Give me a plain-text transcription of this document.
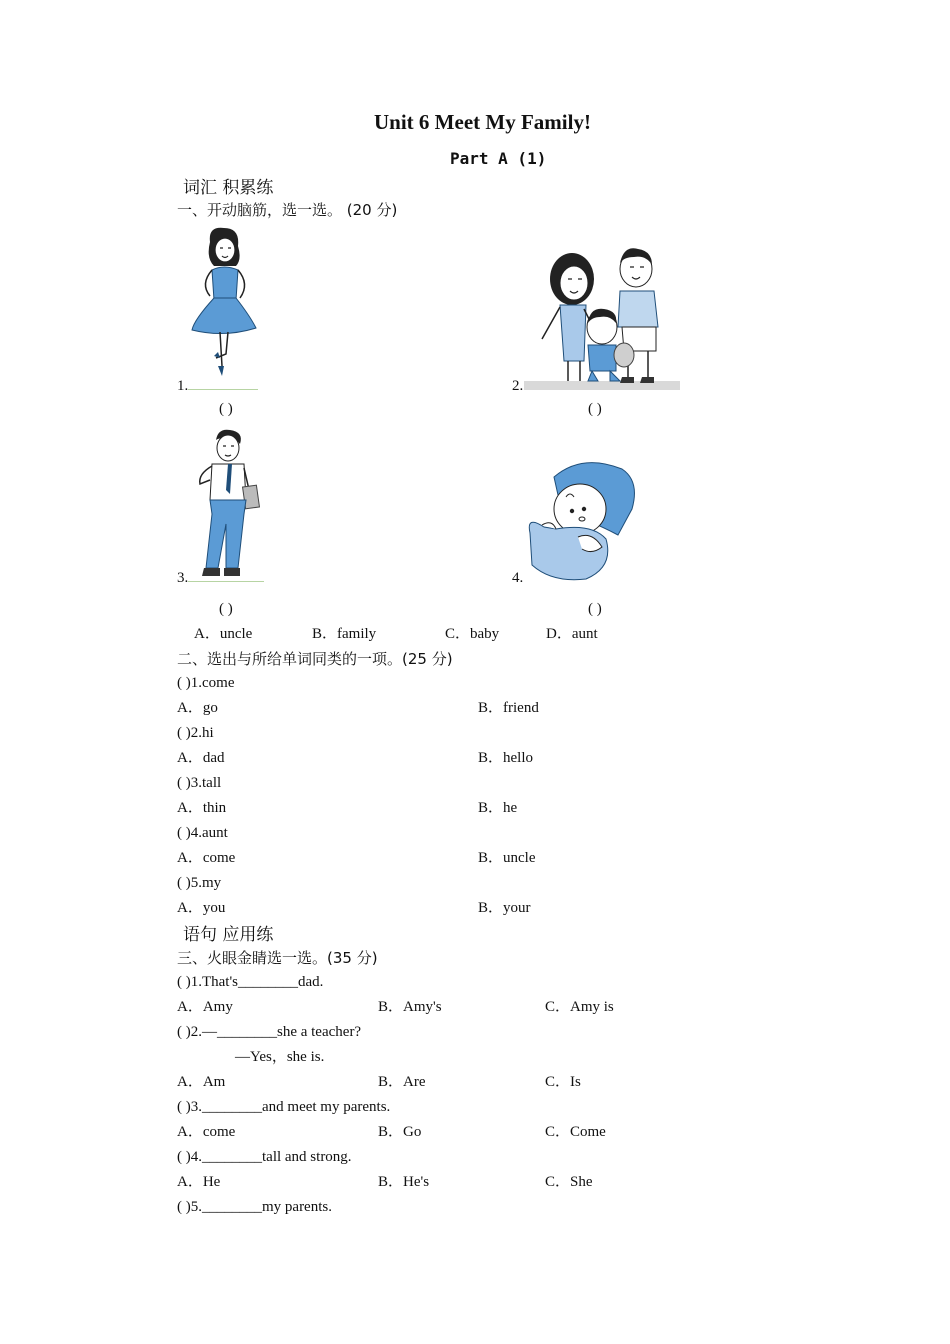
Unit 6 Meet My Family!
Part A (1)
词汇 积累练
一、开动脑筋，选一选。 (20 分)
1.	2.
( )	( )
3.	4.
( )	( )
A．uncle	B．family	C．baby	D．aunt
二、选出与所给单词同类的一项。(25 分)
( )1.come
A．go	B．friend
( )2.hi
A．dad	B．hello
( )3.tall
A．thin	B．he
( )4.aunt
A．come	B．uncle
( )5.my
A．you	B．your
语句 应用练
三、火眼金睛选一选。(35 分)
( )1.That's________dad.
A．Amy	B．Amy's	C．Amy is
( )2.—________she a teacher?
—Yes，she is.
A．Am	B．Are	C．Is
( )3.________and meet my parents.
A．come	B．Go	C．Come
( )4.________tall and strong.
A．He	B．He's	C．She
( )5.________my parents.
